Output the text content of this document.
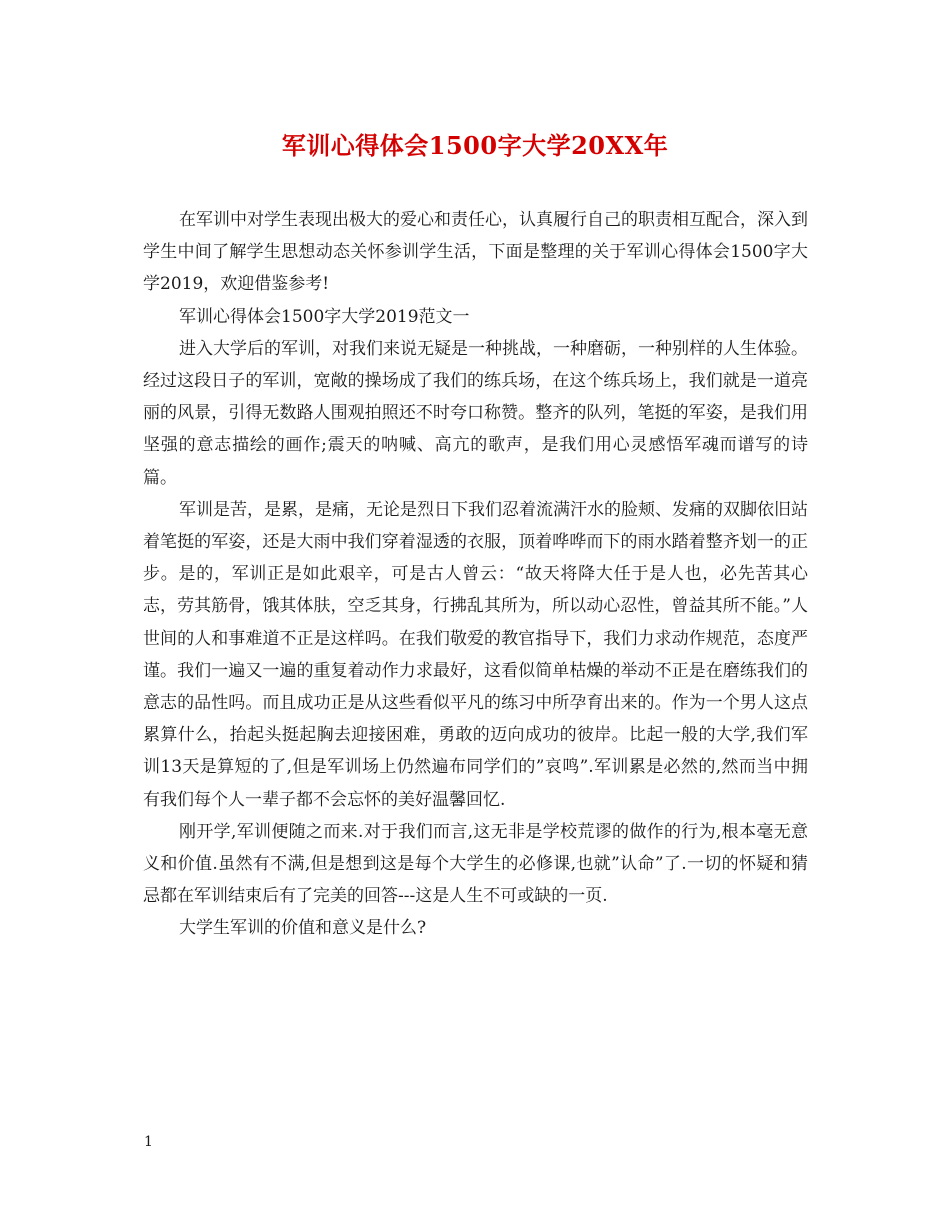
军训心得体会1500字大学20XX年

在军训中对学生表现出极大的爱心和责任心，认真履行自己的职责相互配合，深入到学生中间了解学生思想动态关怀参训学生活，下面是整理的关于军训心得体会1500字大学2019，欢迎借鉴参考!

军训心得体会1500字大学2019范文一

进入大学后的军训，对我们来说无疑是一种挑战，一种磨砺，一种别样的人生体验。经过这段日子的军训，宽敞的操场成了我们的练兵场，在这个练兵场上，我们就是一道亮丽的风景，引得无数路人围观拍照还不时夸口称赞。整齐的队列，笔挺的军姿，是我们用坚强的意志描绘的画作;震天的呐喊、高亢的歌声，是我们用心灵感悟军魂而谱写的诗篇。

军训是苦，是累，是痛，无论是烈日下我们忍着流满汗水的脸颊、发痛的双脚依旧站着笔挺的军姿，还是大雨中我们穿着湿透的衣服，顶着哗哗而下的雨水踏着整齐划一的正步。是的，军训正是如此艰辛，可是古人曾云：“故天将降大任于是人也，必先苦其心志，劳其筋骨，饿其体肤，空乏其身，行拂乱其所为，所以动心忍性，曾益其所不能。”人世间的人和事难道不正是这样吗。在我们敬爱的教官指导下，我们力求动作规范，态度严谨。我们一遍又一遍的重复着动作力求最好，这看似简单枯燥的举动不正是在磨练我们的意志的品性吗。而且成功正是从这些看似平凡的练习中所孕育出来的。作为一个男人这点累算什么，抬起头挺起胸去迎接困难，勇敢的迈向成功的彼岸。比起一般的大学,我们军训13天是算短的了,但是军训场上仍然遍布同学们的”哀鸣”.军训累是必然的,然而当中拥有我们每个人一辈子都不会忘怀的美好温馨回忆.

刚开学,军训便随之而来.对于我们而言,这无非是学校荒谬的做作的行为,根本毫无意义和价值.虽然有不满,但是想到这是每个大学生的必修课,也就”认命”了.一切的怀疑和猜忌都在军训结束后有了完美的回答---这是人生不可或缺的一页.

大学生军训的价值和意义是什么?

1
